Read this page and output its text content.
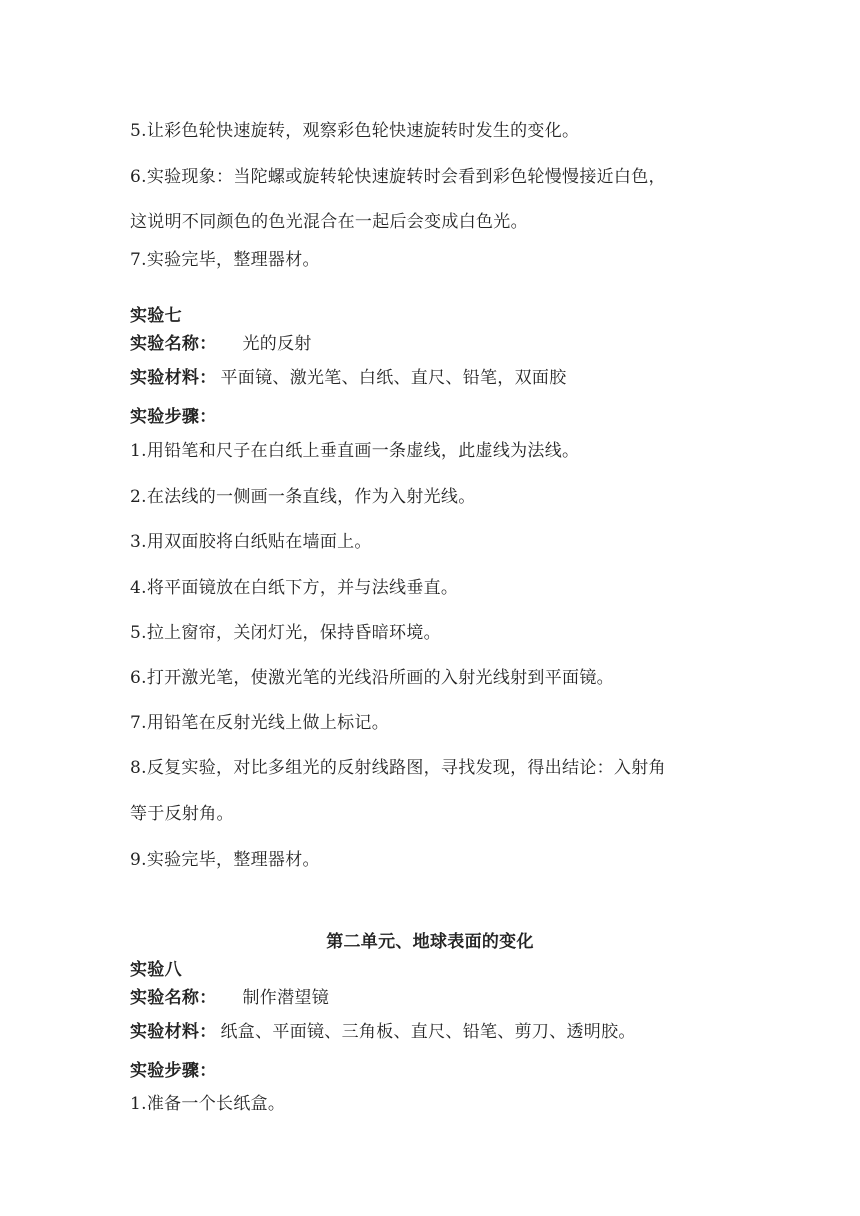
5.让彩色轮快速旋转，观察彩色轮快速旋转时发生的变化。
6.实验现象：当陀螺或旋转轮快速旋转时会看到彩色轮慢慢接近白色，
这说明不同颜色的色光混合在一起后会变成白色光。
7.实验完毕，整理器材。
实验七
实验名称： 光的反射
实验材料： 平面镜、激光笔、白纸、直尺、铅笔，双面胶
实验步骤：
1.用铅笔和尺子在白纸上垂直画一条虚线，此虚线为法线。
2.在法线的一侧画一条直线，作为入射光线。
3.用双面胶将白纸贴在墙面上。
4.将平面镜放在白纸下方，并与法线垂直。
5.拉上窗帘，关闭灯光，保持昏暗环境。
6.打开激光笔，使激光笔的光线沿所画的入射光线射到平面镜。
7.用铅笔在反射光线上做上标记。
8.反复实验，对比多组光的反射线路图，寻找发现，得出结论：入射角
等于反射角。
9.实验完毕，整理器材。
第二单元、地球表面的变化
实验八
实验名称： 制作潜望镜
实验材料： 纸盒、平面镜、三角板、直尺、铅笔、剪刀、透明胶。
实验步骤：
1.准备一个长纸盒。
